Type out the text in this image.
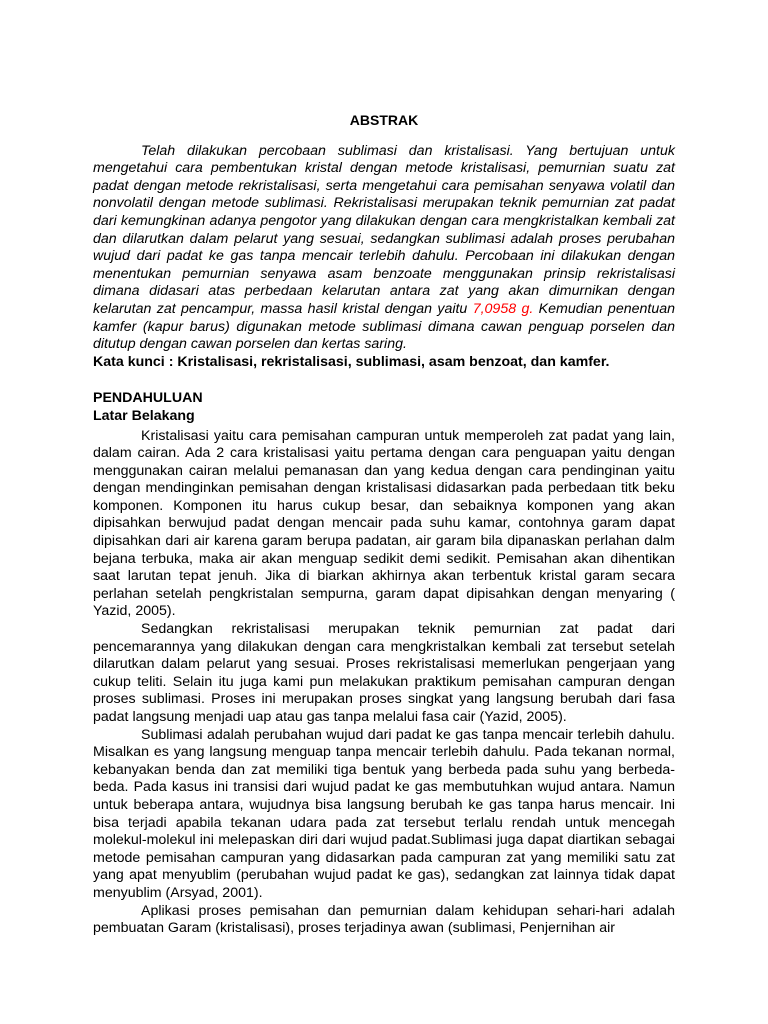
ABSTRAK

Telah dilakukan percobaan sublimasi dan kristalisasi. Yang bertujuan untuk mengetahui cara pembentukan kristal dengan metode kristalisasi, pemurnian suatu zat padat dengan metode rekristalisasi, serta mengetahui cara pemisahan senyawa volatil dan nonvolatil dengan metode sublimasi. Rekristalisasi merupakan teknik pemurnian zat padat dari kemungkinan adanya pengotor yang dilakukan dengan cara mengkristalkan kembali zat dan dilarutkan dalam pelarut yang sesuai, sedangkan sublimasi adalah proses perubahan wujud dari padat ke gas tanpa mencair terlebih dahulu. Percobaan ini dilakukan dengan menentukan pemurnian senyawa asam benzoate menggunakan prinsip rekristalisasi dimana didasari atas perbedaan kelarutan antara zat yang akan dimurnikan dengan kelarutan zat pencampur, massa hasil kristal dengan yaitu 7,0958 g. Kemudian penentuan kamfer (kapur barus) digunakan metode sublimasi dimana cawan penguap porselen dan ditutup dengan cawan porselen dan kertas saring.

Kata kunci : Kristalisasi, rekristalisasi, sublimasi, asam benzoat, dan kamfer.
PENDAHULUAN
Latar Belakang

Kristalisasi yaitu cara pemisahan campuran untuk memperoleh zat padat yang lain, dalam cairan. Ada 2 cara kristalisasi yaitu pertama dengan cara penguapan yaitu dengan menggunakan cairan melalui pemanasan dan yang kedua dengan cara pendinginan yaitu dengan mendinginkan pemisahan dengan kristalisasi didasarkan pada perbedaan titk beku komponen. Komponen itu harus cukup besar, dan sebaiknya komponen yang akan dipisahkan berwujud padat dengan mencair pada suhu kamar, contohnya garam dapat dipisahkan dari air karena garam berupa padatan, air garam bila dipanaskan perlahan dalm bejana terbuka, maka air akan menguap sedikit demi sedikit. Pemisahan akan dihentikan saat larutan tepat jenuh. Jika di biarkan akhirnya akan terbentuk kristal garam secara perlahan setelah pengkristalan sempurna, garam dapat dipisahkan dengan menyaring ( Yazid, 2005).

Sedangkan rekristalisasi merupakan teknik pemurnian zat padat dari pencemarannya yang dilakukan dengan cara mengkristalkan kembali zat tersebut setelah dilarutkan dalam pelarut yang sesuai. Proses rekristalisasi memerlukan pengerjaan yang cukup teliti. Selain itu juga kami pun melakukan praktikum pemisahan campuran dengan proses sublimasi. Proses ini merupakan proses singkat yang langsung berubah dari fasa padat langsung menjadi uap atau gas tanpa melalui fasa cair (Yazid, 2005).

Sublimasi adalah perubahan wujud dari padat ke gas tanpa mencair terlebih dahulu. Misalkan es yang langsung menguap tanpa mencair terlebih dahulu. Pada tekanan normal, kebanyakan benda dan zat memiliki tiga bentuk yang berbeda pada suhu yang berbeda-beda. Pada kasus ini transisi dari wujud padat ke gas membutuhkan wujud antara. Namun untuk beberapa antara, wujudnya bisa langsung berubah ke gas tanpa harus mencair. Ini bisa terjadi apabila tekanan udara pada zat tersebut terlalu rendah untuk mencegah molekul-molekul ini melepaskan diri dari wujud padat.Sublimasi juga dapat diartikan sebagai metode pemisahan campuran yang didasarkan pada campuran zat yang memiliki satu zat yang apat menyublim (perubahan wujud padat ke gas), sedangkan zat lainnya tidak dapat menyublim (Arsyad, 2001).

Aplikasi proses pemisahan dan pemurnian dalam kehidupan sehari-hari adalah pembuatan Garam (kristalisasi), proses terjadinya awan (sublimasi, Penjernihan air
